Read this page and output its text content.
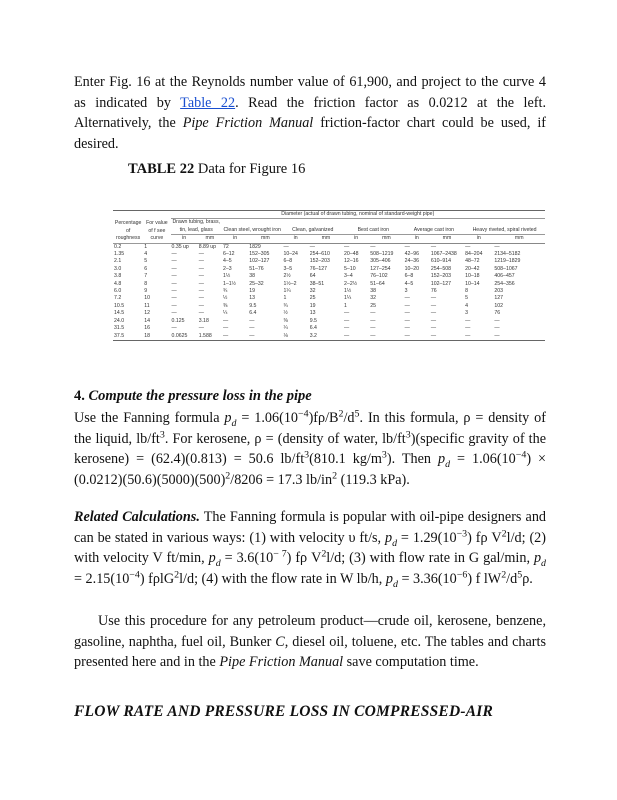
Enter Fig. 16 at the Reynolds number value of 61,900, and project to the curve 4 as indicated by Table 22. Read the friction factor as 0.0212 at the left. Alternatively, the Pipe Friction Manual friction-factor chart could be used, if desired.

TABLE 22 Data for Figure 16
		Diameter (actual of drawn tubing, nominal of standard-weight pipe)											
Percentage of roughness	For value of f see curve	Drawn tubing, brass, tin, lead, glass		Clean steel, wrought iron		Clean, galvanized		Best cast iron		Average cast iron		Heavy riveted, spiral riveted	
		in	mm	in	mm	in	mm	in	mm	in	mm	in	mm
0.2	1	0.35 up	8.89 up	72	1829	—	—	—	—	—	—	—	—
1.35	4	—	—	6–12	152–305	10–24	254–610	20–48	508–1219	42–96	1067–2438	84–204	2134–5182
2.1	5	—	—	4–5	102–127	6–8	152–203	12–16	305–406	24–36	610–914	48–72	1219–1829
3.0	6	—	—	2–3	51–76	3–5	76–127	5–10	127–254	10–20	254–508	20–42	508–1067
3.8	7	—	—	1½	38	2½	64	3–4	76–102	6–8	152–203	10–18	406–457
4.8	8	—	—	1–1½	25–32	1½–2	38–51	2–2½	51–64	4–5	102–127	10–14	254–356
6.0	9	—	—	¾	19	1¼	32	1½	38	3	76	8	203
7.2	10	—	—	½	13	1	25	1¼	32	—	—	5	127
10.5	11	—	—	⅜	9.5	¾	19	1	25	—	—	4	102
14.5	12	—	—	¼	6.4	½	13	—	—	—	—	3	76
24.0	14	0.125	3.18	—	—	⅜	9.5	—	—	—	—	—	—
31.5	16	—	—	—	—	¼	6.4	—	—	—	—	—	—
37.5	18	0.0625	1.588	—	—	⅛	3.2	—	—	—	—	—	—
4. Compute the pressure loss in the pipe

Use the Fanning formula $p_d = 1.06(10^{-4})f\rho/B^2/d^5$. In this formula, ρ = density of the liquid, $lb/ft^3$. For kerosene, ρ = (density of water, $lb/ft^3)(specific$ gravity of the kerosene) = (62.4)(0.813) = 50.6 $lb/ft^3(810.1$ $kg/m^3$). Then $p_d = 1.06(10^{-4}) \times (0.0212)(50.6)(5000)(500)^2/8206 = 17.3$ $lb/in^2$ (119.3 kPa).

Related Calculations. The Fanning formula is popular with oil-pipe designers and can be stated in various ways: (1) with velocity υ ft/s, $p_d = 1.29(10^{-3})$ fρ $V^2l/d$; (2) with velocity V ft/min, $p_d = 3.6(10^{- 7})$ fρ $V^2l/d$; (3) with flow rate in G gal/min, $p_d = 2.15(10^{-4})$ fρlG$^2$l/d; (4) with the flow rate in W lb/h, $p_d = 3.36(10^{-6})$ f $lW^2/d^5\rho$.

Use this procedure for any petroleum product—crude oil, kerosene, benzene, gasoline, naphtha, fuel oil, Bunker C, diesel oil, toluene, etc. The tables and charts presented here and in the Pipe Friction Manual save computation time.

FLOW RATE AND PRESSURE LOSS IN COMPRESSED-AIR
